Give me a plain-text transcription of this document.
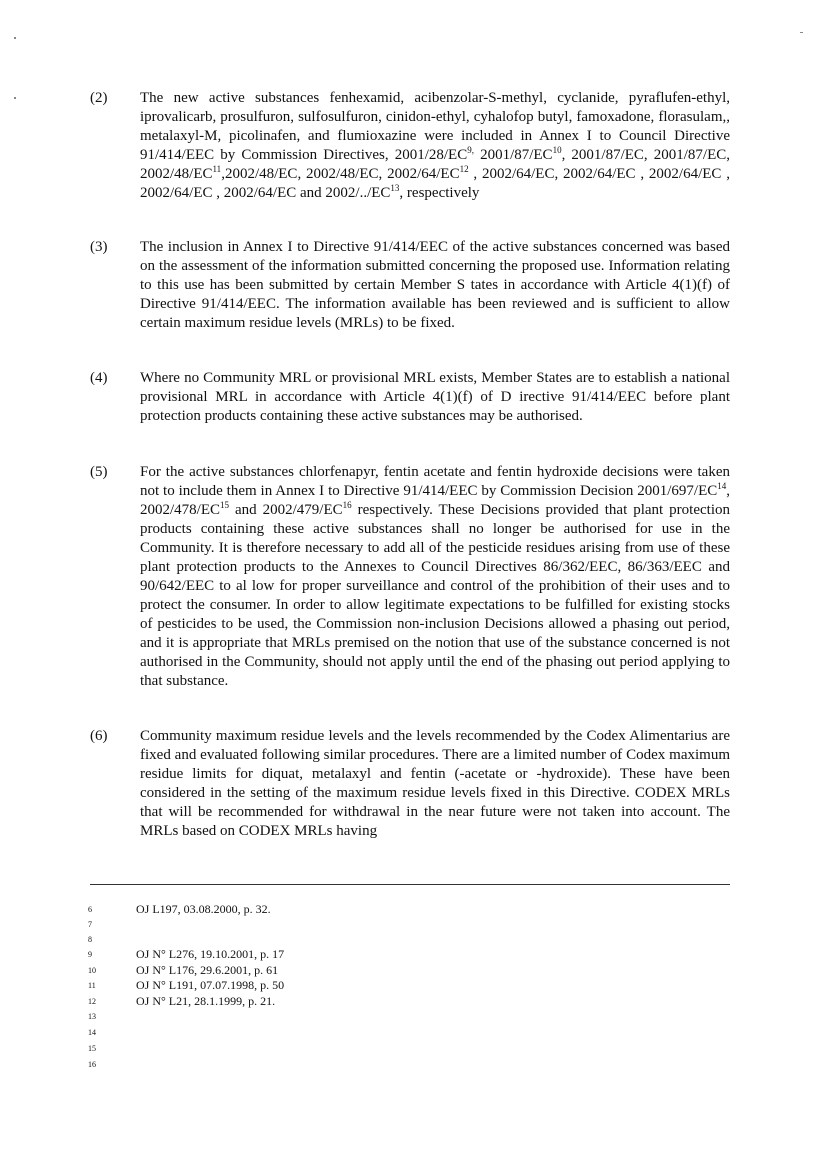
(2) The new active substances fenhexamid, acibenzolar-S-methyl, cyclanide, pyraflufen-ethyl, iprovalicarb, prosulfuron, sulfosulfuron, cinidon-ethyl, cyhalofop butyl, famoxadone, florasulam,, metalaxyl-M, picolinafen, and flumioxazine were included in Annex I to Council Directive 91/414/EEC by Commission Directives, $2001/28/EC^{9,}$ 2001/87/EC$^{10}$, 2001/87/EC, 2001/87/EC, 2002/48/EC$^{11}$,2002/48/EC, 2002/48/EC, 2002/64/EC$^{12}$ , 2002/64/EC, 2002/64/EC , 2002/64/EC , 2002/64/EC , 2002/64/EC and 2002/../EC$^{13}$, respectively
(3) The inclusion in Annex I to Directive 91/414/EEC of the active substances concerned was based on the assessment of the information submitted concerning the proposed use. Information relating to this use has been submitted by certain Member S tates in accordance with Article 4(1)(f) of Directive 91/414/EEC. The information available has been reviewed and is sufficient to allow certain maximum residue levels (MRLs) to be fixed.
(4) Where no Community MRL or provisional MRL exists, Member States are to establish a national provisional MRL in accordance with Article 4(1)(f) of D irective 91/414/EEC before plant protection products containing these active substances may be authorised.
(5) For the active substances chlorfenapyr, fentin acetate and fentin hydroxide decisions were taken not to include them in Annex I to Directive 91/414/EEC by Commission Decision 2001/697/EC$^{14}$, 2002/478/EC$^{15}$ and 2002/479/EC$^{16}$ respectively. These Decisions provided that plant protection products containing these active substances shall no longer be authorised for use in the Community. It is therefore necessary to add all of the pesticide residues arising from use of these plant protection products to the Annexes to Council Directives 86/362/EEC, 86/363/EEC and 90/642/EEC to al low for proper surveillance and control of the prohibition of their uses and to protect the consumer. In order to allow legitimate expectations to be fulfilled for existing stocks of pesticides to be used, the Commission non-inclusion Decisions allowed a phasing out period, and it is appropriate that MRLs premised on the notion that use of the substance concerned is not authorised in the Community, should not apply until the end of the phasing out period applying to that substance.
(6) Community maximum residue levels and the levels recommended by the Codex Alimentarius are fixed and evaluated following similar procedures. There are a limited number of Codex maximum residue limits for diquat, metalaxyl and fentin (-acetate or -hydroxide). These have been considered in the setting of the maximum residue levels fixed in this Directive. CODEX MRLs that will be recommended for withdrawal in the near future were not taken into account. The MRLs based on CODEX MRLs having
6	OJ L197, 03.08.2000, p. 32.
7
8
9	OJ N° L276, 19.10.2001, p. 17
10	OJ N° L176, 29.6.2001, p. 61
11	OJ N° L191, 07.07.1998, p. 50
12	OJ N° L21, 28.1.1999, p. 21.
13
14
15
16
